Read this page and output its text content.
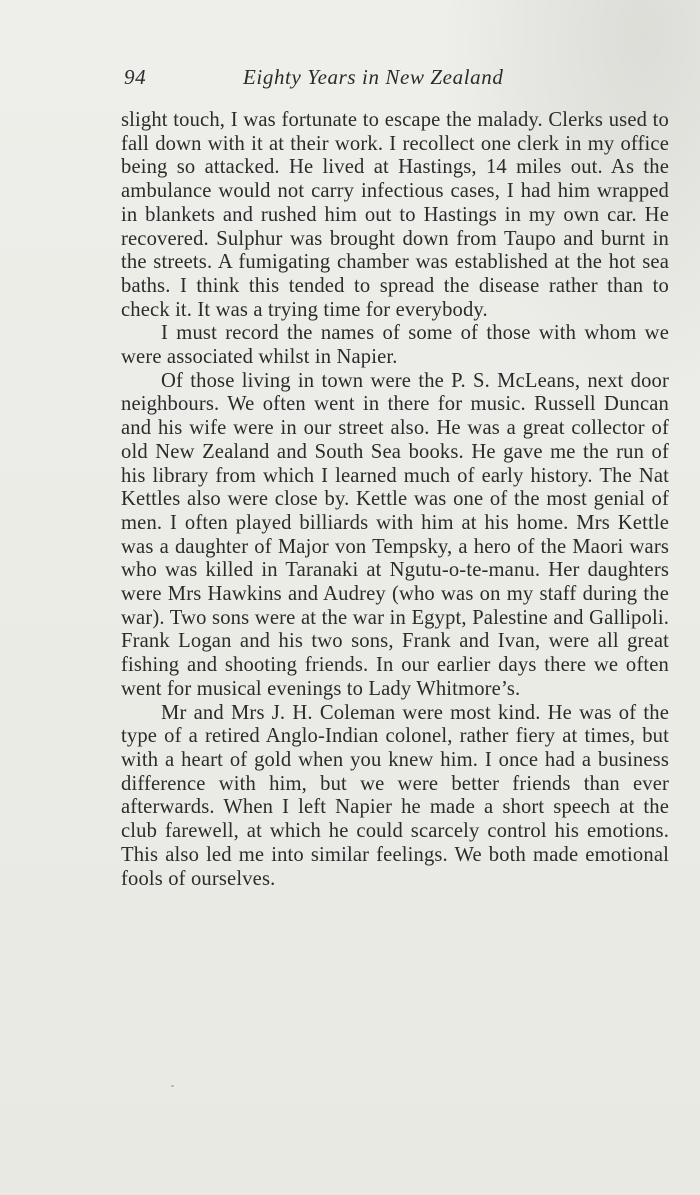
94	Eighty Years in New Zealand

slight touch, I was fortunate to escape the malady. Clerks used to fall down with it at their work. I recollect one clerk in my office being so attacked. He lived at Hastings, 14 miles out. As the ambulance would not carry infectious cases, I had him wrapped in blankets and rushed him out to Hastings in my own car. He recovered. Sulphur was brought down from Taupo and burnt in the streets. A fumigating chamber was established at the hot sea baths. I think this tended to spread the disease rather than to check it. It was a trying time for everybody.

I must record the names of some of those with whom we were associated whilst in Napier.

Of those living in town were the P. S. McLeans, next door neighbours. We often went in there for music. Russell Duncan and his wife were in our street also. He was a great collector of old New Zealand and South Sea books. He gave me the run of his library from which I learned much of early history. The Nat Kettles also were close by. Kettle was one of the most genial of men. I often played billiards with him at his home. Mrs Kettle was a daughter of Major von Tempsky, a hero of the Maori wars who was killed in Taranaki at Ngutu-o-te-manu. Her daughters were Mrs Hawkins and Audrey (who was on my staff during the war). Two sons were at the war in Egypt, Palestine and Gallipoli. Frank Logan and his two sons, Frank and Ivan, were all great fishing and shooting friends. In our earlier days there we often went for musical evenings to Lady Whitmore’s.

Mr and Mrs J. H. Coleman were most kind. He was of the type of a retired Anglo-Indian colonel, rather fiery at times, but with a heart of gold when you knew him. I once had a business difference with him, but we were better friends than ever afterwards. When I left Napier he made a short speech at the club farewell, at which he could scarcely control his emotions. This also led me into similar feelings. We both made emotional fools of ourselves.
